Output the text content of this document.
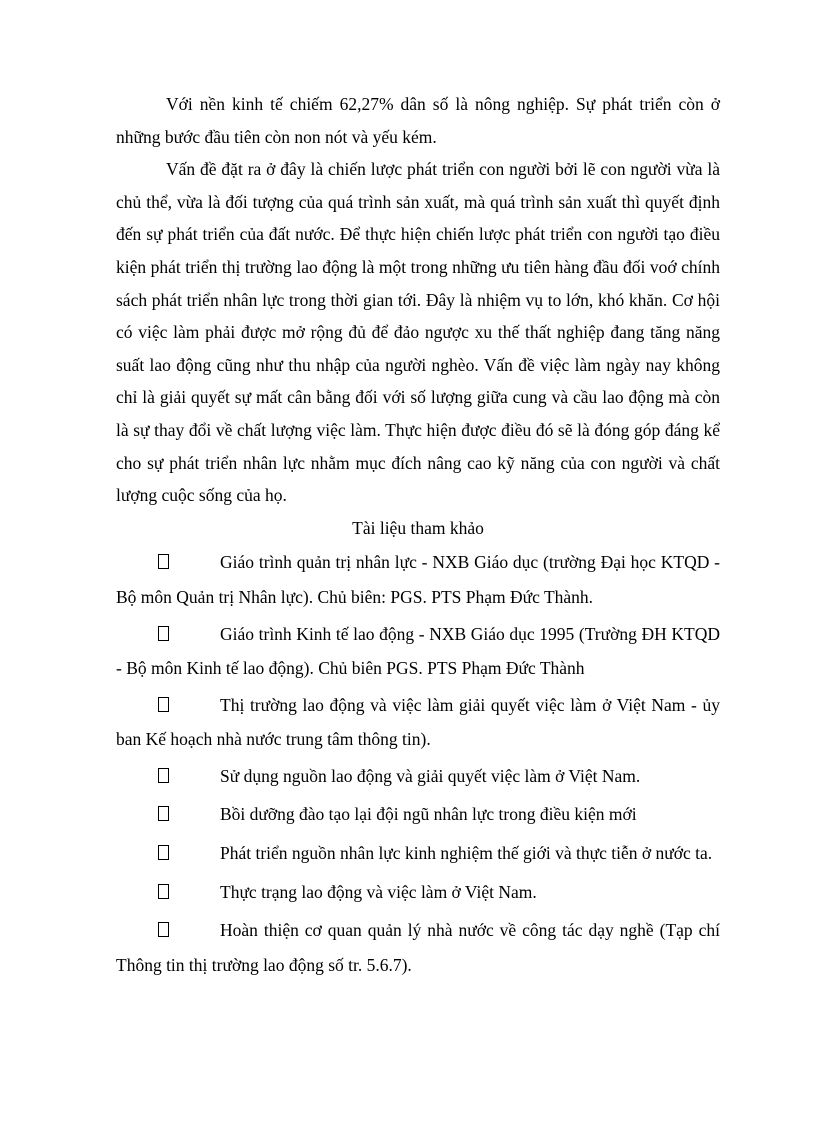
Với nền kinh tế chiếm 62,27% dân số là nông nghiệp. Sự phát triển còn ở những bước đầu tiên còn non nót và yếu kém.

Vấn đề đặt ra ở đây là chiến lược phát triển con người bởi lẽ con người vừa là chủ thể, vừa là đối tượng của quá trình sản xuất, mà quá trình sản xuất thì quyết định đến sự phát triển của đất nước. Để thực hiện chiến lược phát triển con người tạo điều kiện phát triển thị trường lao động là một trong những ưu tiên hàng đầu đối voớ chính sách phát triển nhân lực trong thời gian tới. Đây là nhiệm vụ to lớn, khó khăn. Cơ hội có việc làm phải được mở rộng đủ để đảo ngược xu thế thất nghiệp đang tăng năng suất lao động cũng như thu nhập của người nghèo. Vấn đề việc làm ngày nay không chỉ là giải quyết sự mất cân bằng đối với số lượng giữa cung và cầu lao động mà còn là sự thay đổi về chất lượng việc làm. Thực hiện được điều đó sẽ là đóng góp đáng kể cho sự phát triển nhân lực nhằm mục đích nâng cao kỹ năng của con người và chất lượng cuộc sống của họ.

Tài liệu tham khảo

Giáo trình quản trị nhân lực - NXB Giáo dục (trường Đại học KTQD - Bộ môn Quản trị Nhân lực). Chủ biên: PGS. PTS Phạm Đức Thành.

Giáo trình Kinh tế lao động - NXB Giáo dục 1995 (Trường ĐH KTQD - Bộ môn Kinh tế lao động). Chủ biên PGS. PTS Phạm Đức Thành

Thị trường lao động và việc làm giải quyết việc làm ở Việt Nam - ủy ban Kế hoạch nhà nước trung tâm thông tin).

Sử dụng nguồn lao động và giải quyết việc làm ở Việt Nam.

Bồi dưỡng đào tạo lại đội ngũ nhân lực trong điều kiện mới

Phát triển nguồn nhân lực kinh nghiệm thế giới và thực tiễn ở nước ta.

Thực trạng lao động và việc làm ở Việt Nam.

Hoàn thiện cơ quan quản lý nhà nước về công tác dạy nghề (Tạp chí Thông tin thị trường lao động số tr. 5.6.7).
